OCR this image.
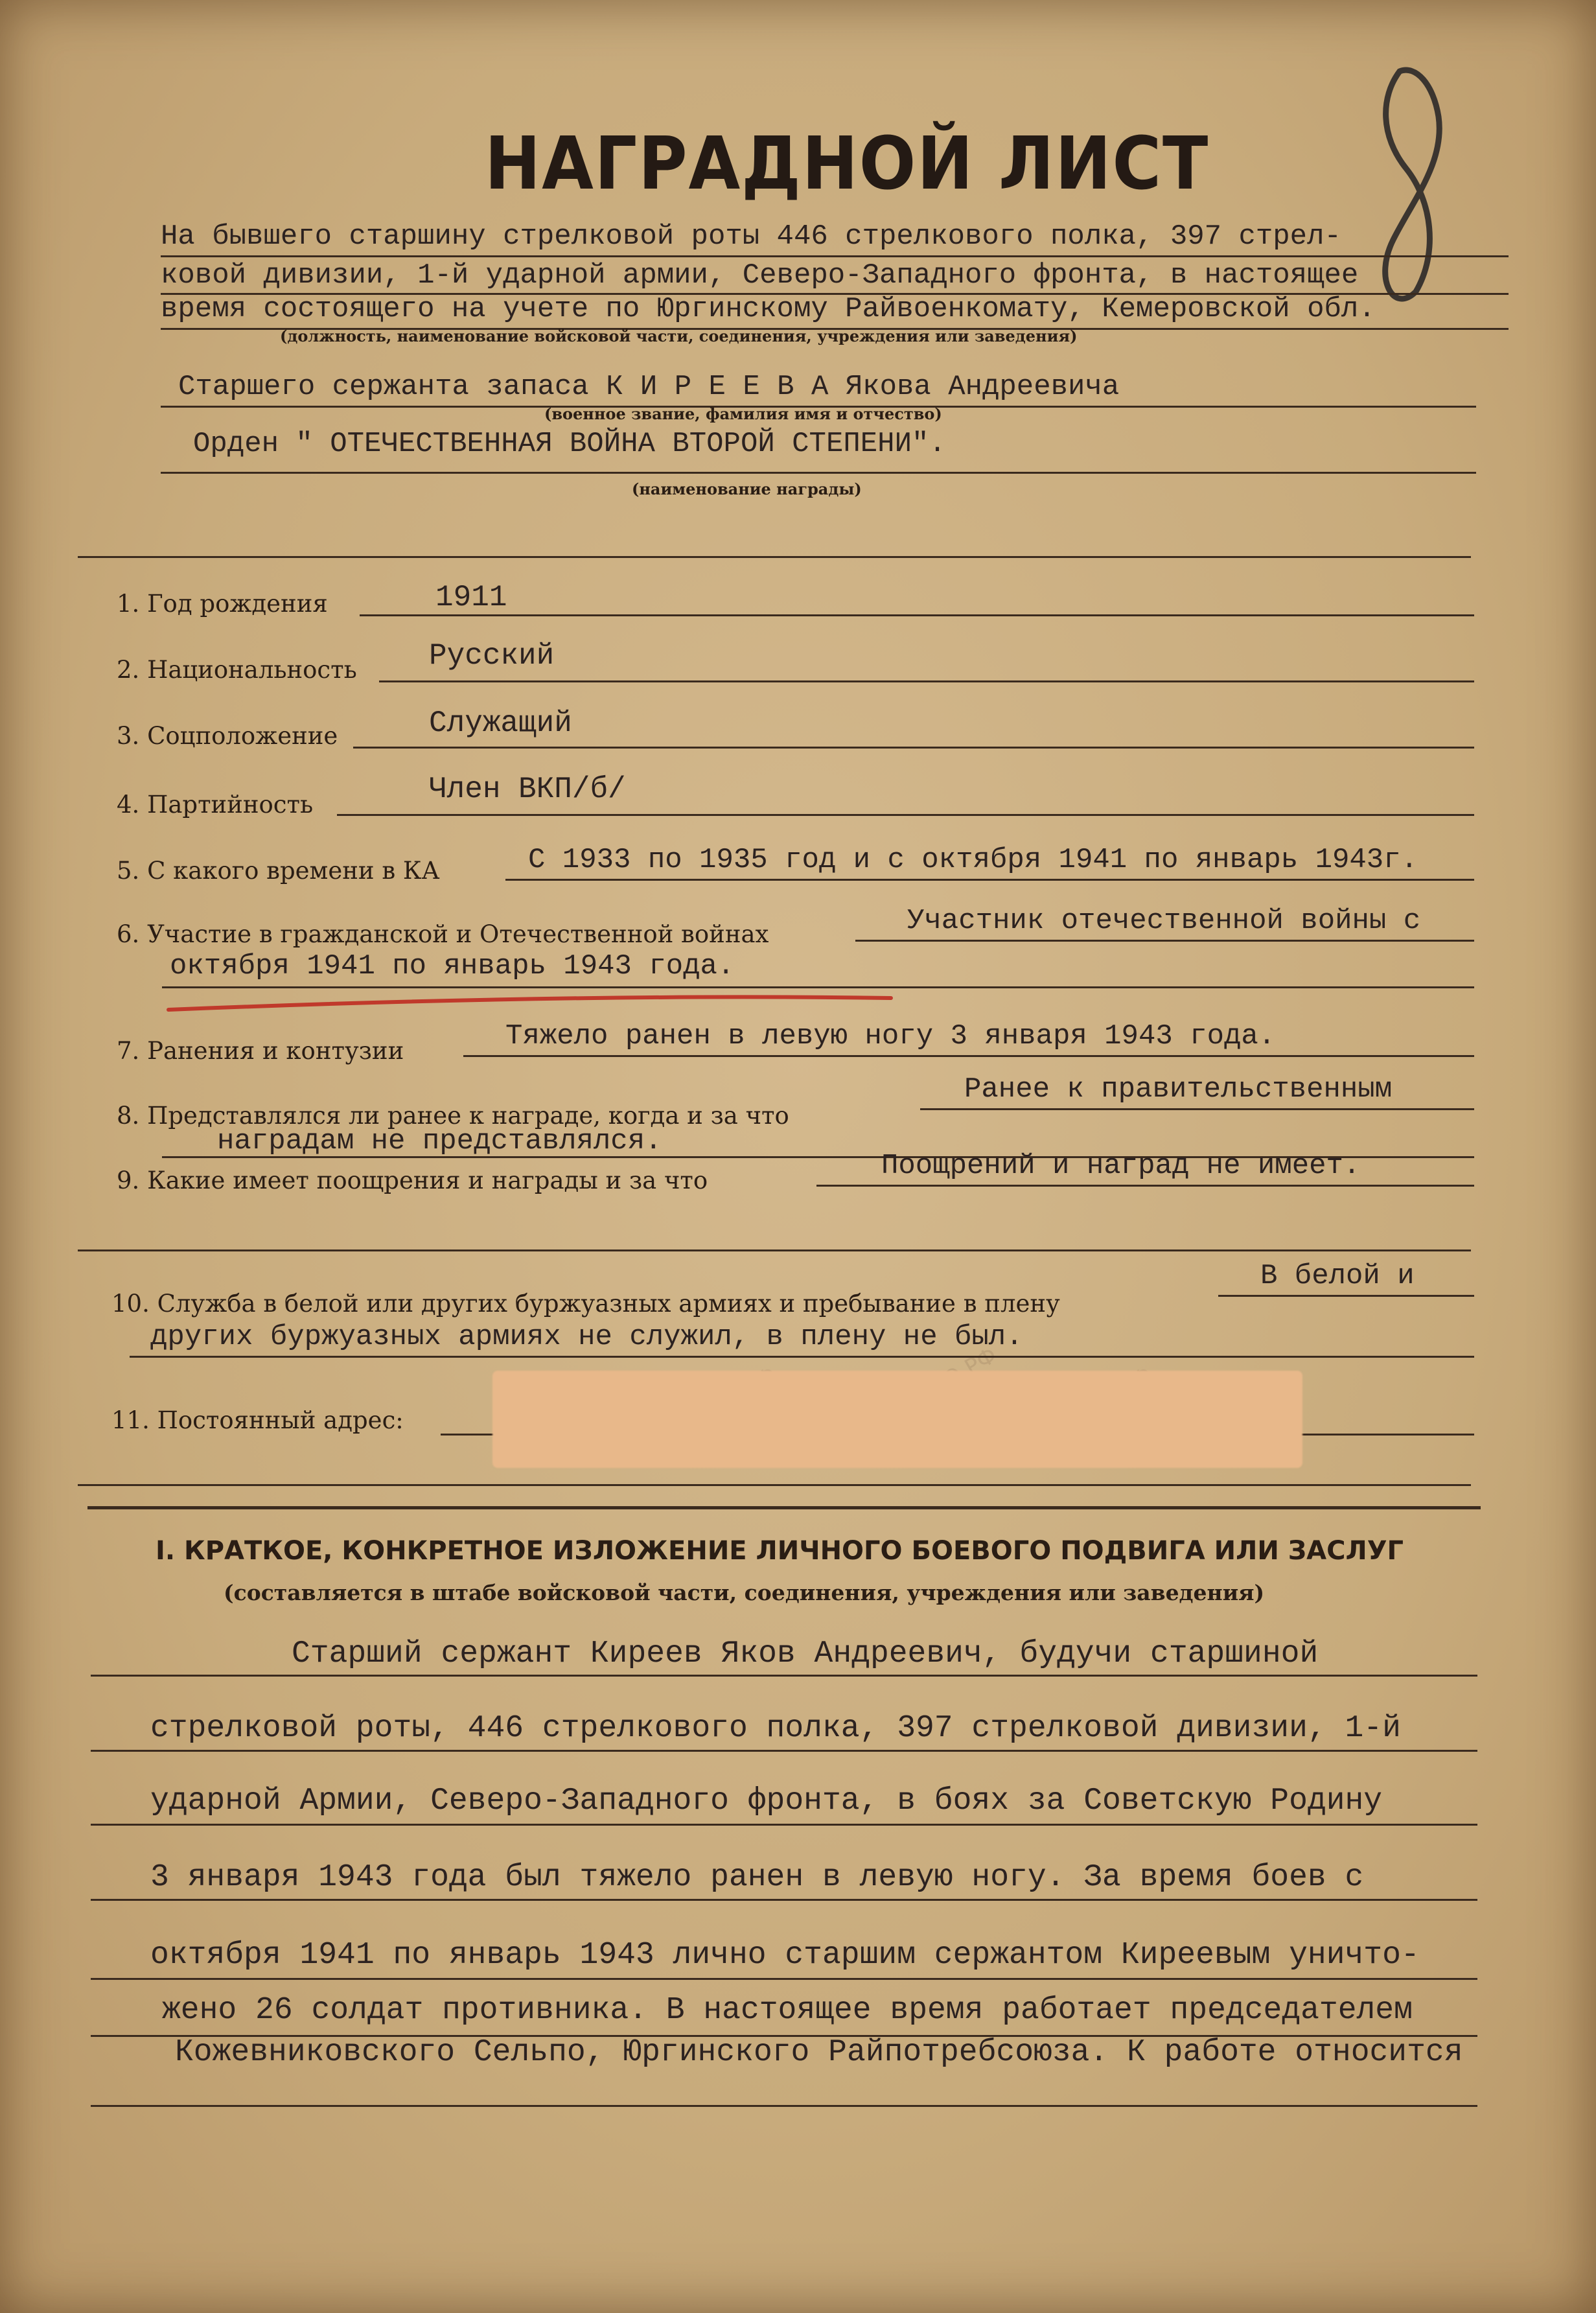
НАГРАДНОЙ ЛИСТ
На бывшего старшину стрелковой роты 446 стрелкового полка, 397 стрел-
ковой дивизии, 1-й ударной армии, Северо-Западного фронта, в настоящее
время состоящего на учете по Юргинскому Райвоенкомату, Кемеровской обл.
(должность, наименование войсковой части, соединения, учреждения или заведения)
Старшего сержанта запаса К И Р Е Е В А Якова Андреевича
(военное звание, фамилия имя и отчество)
Орден " ОТЕЧЕСТВЕННАЯ ВОЙНА ВТОРОЙ СТЕПЕНИ".
(наименование награды)
1. Год рождения	1911
2. Национальность Русский
3. Соцположение	Служащий
4. Партийность	Член ВКП/б/
5. С какого времени в КА	С 1933 по 1935 год и с октября 1941 по январь 1943г.
6. Участие в гражданской и Отечественной войнах	Участник отечественной войны с
октября 1941 по январь 1943 года.
7. Ранения и контузии	Тяжело ранен в левую ногу 3 января 1943 года.
8. Представлялся ли ранее к награде, когда и за что
Ранее к правительственным
наградам не представлялся.
9. Какие имеет поощрения и награды и за что	Поощрений и наград не имеет.
10. Служба в белой или других буржуазных армиях и пребывание в плену
В белой и
других буржуазных армиях не служил, в плену не был.
11. Постоянный адрес:
I. КРАТКОЕ, КОНКРЕТНОЕ ИЗЛОЖЕНИЕ ЛИЧНОГО БОЕВОГО ПОДВИГА ИЛИ ЗАСЛУГ
(составляется в штабе войсковой части, соединения, учреждения или заведения)
Старший сержант Киреев Яков Андреевич, будучи старшиной
стрелковой роты, 446 стрелкового полка, 397 стрелковой дивизии, 1-й
ударной Армии, Северо-Западного фронта, в боях за Советскую Родину
3 января 1943 года был тяжело ранен в левую ногу. За время боев с
октября 1941 по январь 1943 лично старшим сержантом Киреевым уничто-
жено 26 солдат противника. В настоящее время работает председателем
Кожевниковского Сельпо, Юргинского Райпотребсоюза. К работе относится
